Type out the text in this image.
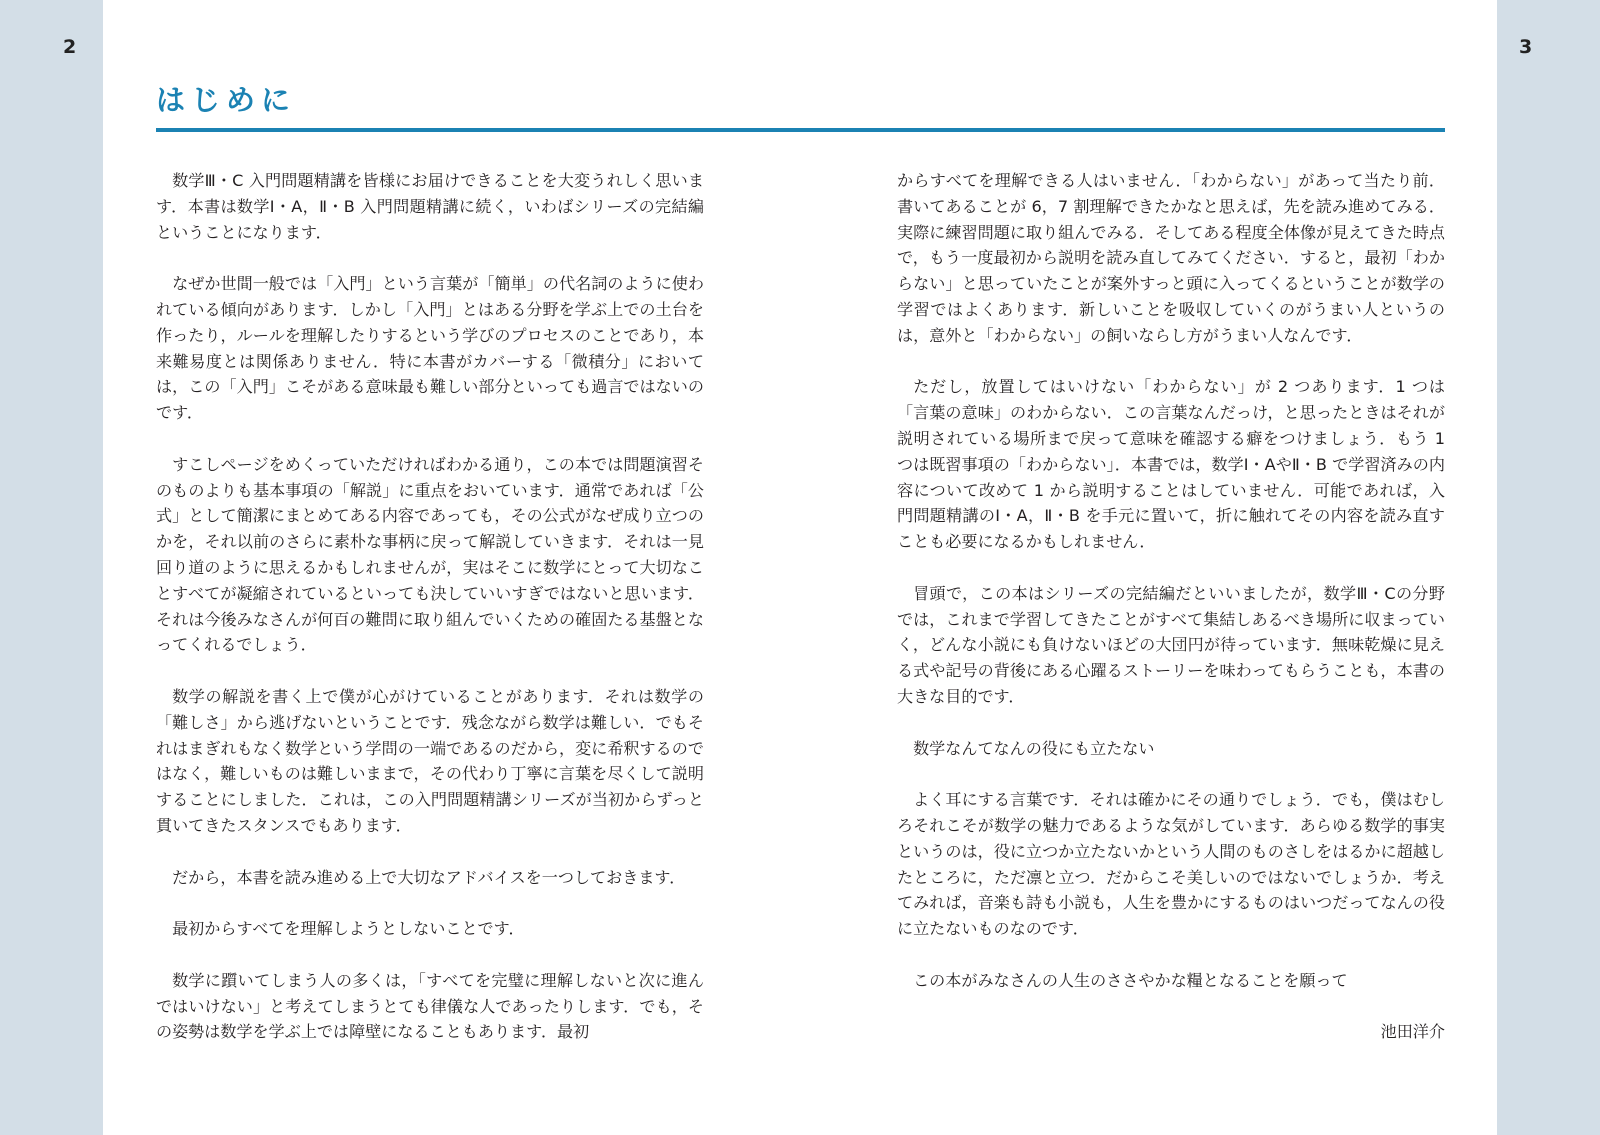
2	3
はじめに

数学Ⅲ・C 入門問題精講を皆様にお届けできることを大変うれしく思います．本書は数学Ⅰ・A，Ⅱ・B 入門問題精講に続く，いわばシリーズの完結編ということになります．

なぜか世間一般では「入門」という言葉が「簡単」の代名詞のように使われている傾向があります．しかし「入門」とはある分野を学ぶ上での土台を作ったり，ルールを理解したりするという学びのプロセスのことであり，本来難易度とは関係ありません．特に本書がカバーする「微積分」においては，この「入門」こそがある意味最も難しい部分といっても過言ではないのです．

すこしページをめくっていただければわかる通り，この本では問題演習そのものよりも基本事項の「解説」に重点をおいています．通常であれば「公式」として簡潔にまとめてある内容であっても，その公式がなぜ成り立つのかを，それ以前のさらに素朴な事柄に戻って解説していきます．それは一見回り道のように思えるかもしれませんが，実はそこに数学にとって大切なことすべてが凝縮されているといっても決していいすぎではないと思います．それは今後みなさんが何百の難問に取り組んでいくための確固たる基盤となってくれるでしょう．

数学の解説を書く上で僕が心がけていることがあります．それは数学の「難しさ」から逃げないということです．残念ながら数学は難しい．でもそれはまぎれもなく数学という学問の一端であるのだから，変に希釈するのではなく，難しいものは難しいままで，その代わり丁寧に言葉を尽くして説明することにしました．これは，この入門問題精講シリーズが当初からずっと貫いてきたスタンスでもあります．

だから，本書を読み進める上で大切なアドバイスを一つしておきます．

最初からすべてを理解しようとしないことです．

数学に躓いてしまう人の多くは，「すべてを完璧に理解しないと次に進んではいけない」と考えてしまうとても律儀な人であったりします．でも，その姿勢は数学を学ぶ上では障壁になることもあります．最初

からすべてを理解できる人はいません．「わからない」があって当たり前．書いてあることが 6，7 割理解できたかなと思えば，先を読み進めてみる．実際に練習問題に取り組んでみる．そしてある程度全体像が見えてきた時点で，もう一度最初から説明を読み直してみてください．すると，最初「わからない」と思っていたことが案外すっと頭に入ってくるということが数学の学習ではよくあります．新しいことを吸収していくのがうまい人というのは，意外と「わからない」の飼いならし方がうまい人なんです．

ただし，放置してはいけない「わからない」が 2 つあります．1 つは「言葉の意味」のわからない．この言葉なんだっけ，と思ったときはそれが説明されている場所まで戻って意味を確認する癖をつけましょう．もう 1 つは既習事項の「わからない」．本書では，数学Ⅰ・AやⅡ・B で学習済みの内容について改めて 1 から説明することはしていません．可能であれば，入門問題精講のⅠ・A，Ⅱ・B を手元に置いて，折に触れてその内容を読み直すことも必要になるかもしれません．

冒頭で，この本はシリーズの完結編だといいましたが，数学Ⅲ・Cの分野では，これまで学習してきたことがすべて集結しあるべき場所に収まっていく，どんな小説にも負けないほどの大団円が待っています．無味乾燥に見える式や記号の背後にある心躍るストーリーを味わってもらうことも，本書の大きな目的です．

数学なんてなんの役にも立たない

よく耳にする言葉です．それは確かにその通りでしょう．でも，僕はむしろそれこそが数学の魅力であるような気がしています．あらゆる数学的事実というのは，役に立つか立たないかという人間のものさしをはるかに超越したところに，ただ凛と立つ．だからこそ美しいのではないでしょうか．考えてみれば，音楽も詩も小説も，人生を豊かにするものはいつだってなんの役に立たないものなのです．

この本がみなさんの人生のささやかな糧となることを願って

池田洋介
